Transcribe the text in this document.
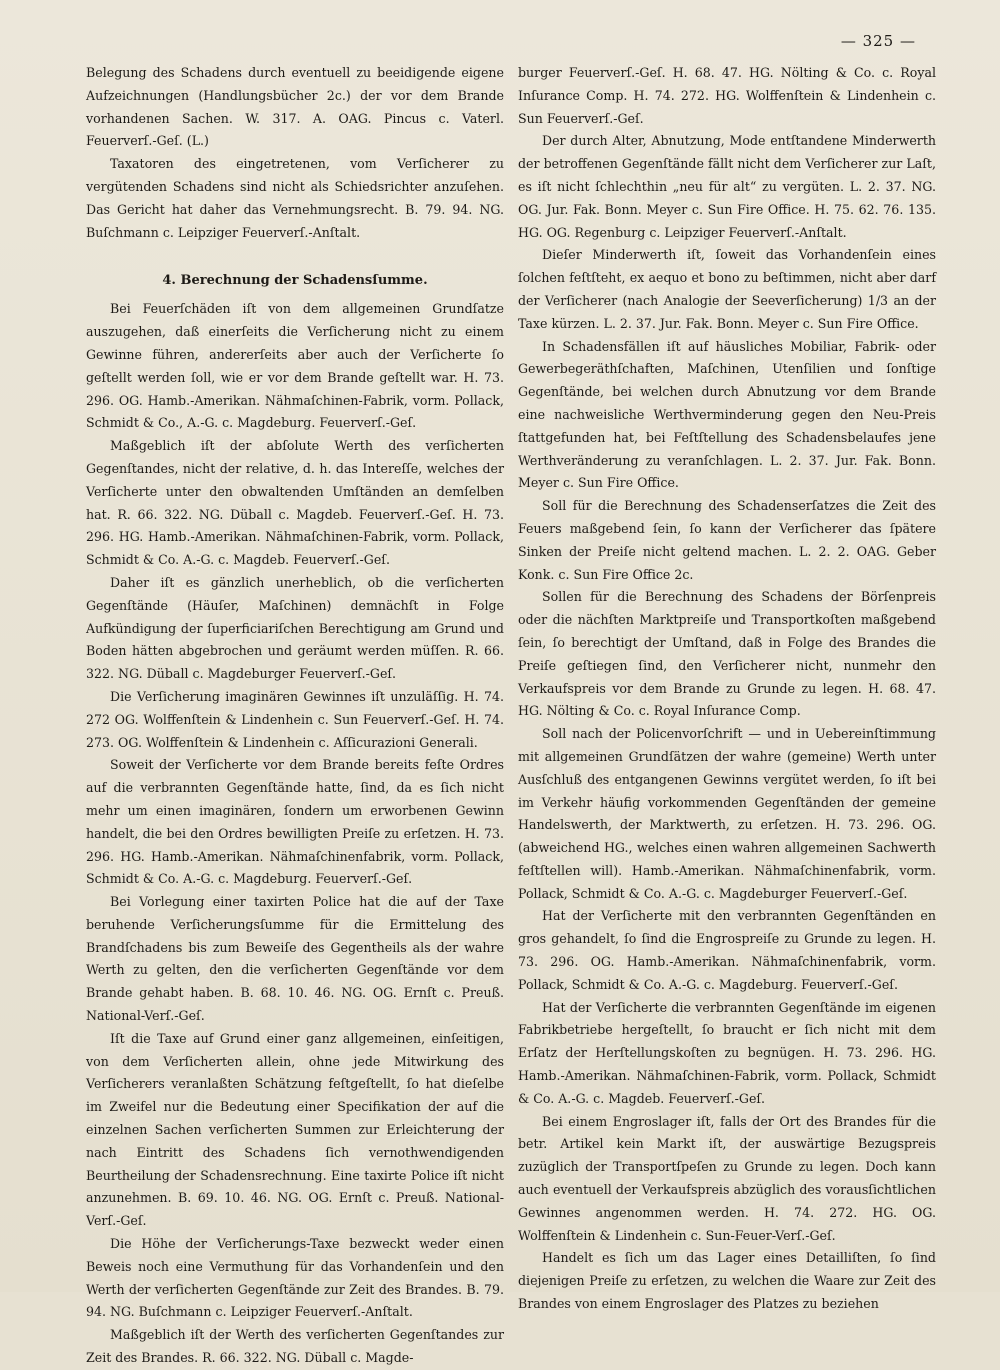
— 325 —

Belegung des Schadens durch eventuell zu beeidigende eigene Aufzeichnungen (Handlungsbücher 2c.) der vor dem Brande vorhandenen Sachen. W. 317. A. OAG. Pincus c. Vaterl. Feuerverſ.-Geſ. (L.)

Taxatoren des eingetretenen, vom Verſicherer zu vergütenden Schadens sind nicht als Schiedsrichter anzuſehen. Das Gericht hat daher das Vernehmungsrecht. B. 79. 94. NG. Buſchmann c. Leipziger Feuerverſ.-Anſtalt.

4. Berechnung der Schadensſumme.

Bei Feuerſchäden iſt von dem allgemeinen Grundſatze auszugehen, daß einerſeits die Verſicherung nicht zu einem Gewinne führen, andererſeits aber auch der Verſicherte ſo geſtellt werden ſoll, wie er vor dem Brande geſtellt war. H. 73. 296. OG. Hamb.-Amerikan. Nähmaſchinen-Fabrik, vorm. Pollack, Schmidt & Co., A.-G. c. Magdeburg. Feuerverſ.-Geſ.

Maßgeblich iſt der abſolute Werth des verſicherten Gegenſtandes, nicht der relative, d. h. das Intereſſe, welches der Verſicherte unter den obwaltenden Umſtänden an demſelben hat. R. 66. 322. NG. Düball c. Magdeb. Feuerverſ.-Geſ. H. 73. 296. HG. Hamb.-Amerikan. Nähmaſchinen-Fabrik, vorm. Pollack, Schmidt & Co. A.-G. c. Magdeb. Feuerverſ.-Geſ.

Daher iſt es gänzlich unerheblich, ob die verſicherten Gegenſtände (Häuſer, Maſchinen) demnächſt in Folge Aufkündigung der ſuperficiariſchen Berechtigung am Grund und Boden hätten abgebrochen und geräumt werden müſſen. R. 66. 322. NG. Düball c. Magdeburger Feuerverſ.-Geſ.

Die Verſicherung imaginären Gewinnes iſt unzuläſſig. H. 74. 272 OG. Wolffenſtein & Lindenhein c. Sun Feuerverſ.-Geſ. H. 74. 273. OG. Wolffenſtein & Lindenhein c. Aſſicurazioni Generali.

Soweit der Verſicherte vor dem Brande bereits feſte Ordres auf die verbrannten Gegenſtände hatte, ſind, da es ſich nicht mehr um einen imaginären, ſondern um erworbenen Gewinn handelt, die bei den Ordres bewilligten Preiſe zu erſetzen. H. 73. 296. HG. Hamb.-Amerikan. Nähmaſchinenfabrik, vorm. Pollack, Schmidt & Co. A.-G. c. Magdeburg. Feuerverſ.-Geſ.

Bei Vorlegung einer taxirten Police hat die auf der Taxe beruhende Verſicherungsſumme für die Ermittelung des Brandſchadens bis zum Beweiſe des Gegentheils als der wahre Werth zu gelten, den die verſicherten Gegenſtände vor dem Brande gehabt haben. B. 68. 10. 46. NG. OG. Ernſt c. Preuß. National-Verſ.-Geſ.

Iſt die Taxe auf Grund einer ganz allgemeinen, einſeitigen, von dem Verſicherten allein, ohne jede Mitwirkung des Verſicherers veranlaßten Schätzung feſtgeſtellt, ſo hat dieſelbe im Zweifel nur die Bedeutung einer Specifikation der auf die einzelnen Sachen verſicherten Summen zur Erleichterung der nach Eintritt des Schadens ſich vernothwendigenden Beurtheilung der Schadensrechnung. Eine taxirte Police iſt nicht anzunehmen. B. 69. 10. 46. NG. OG. Ernſt c. Preuß. National-Verſ.-Geſ.

Die Höhe der Verſicherungs-Taxe bezweckt weder einen Beweis noch eine Vermuthung für das Vorhandenſein und den Werth der verſicherten Gegenſtände zur Zeit des Brandes. B. 79. 94. NG. Buſchmann c. Leipziger Feuerverſ.-Anſtalt.

Maßgeblich iſt der Werth des verſicherten Gegenſtandes zur Zeit des Brandes. R. 66. 322. NG. Düball c. Magde-

burger Feuerverſ.-Geſ. H. 68. 47. HG. Nölting & Co. c. Royal Inſurance Comp. H. 74. 272. HG. Wolffenſtein & Lindenhein c. Sun Feuerverſ.-Geſ.

Der durch Alter, Abnutzung, Mode entſtandene Minderwerth der betroffenen Gegenſtände fällt nicht dem Verſicherer zur Laſt, es iſt nicht ſchlechthin „neu für alt“ zu vergüten. L. 2. 37. NG. OG. Jur. Fak. Bonn. Meyer c. Sun Fire Office. H. 75. 62. 76. 135. HG. OG. Regenburg c. Leipziger Feuerverſ.-Anſtalt.

Dieſer Minderwerth iſt, ſoweit das Vorhandenſein eines ſolchen feſtſteht, ex aequo et bono zu beſtimmen, nicht aber darf der Verſicherer (nach Analogie der Seeverſicherung) 1/3 an der Taxe kürzen. L. 2. 37. Jur. Fak. Bonn. Meyer c. Sun Fire Office.

In Schadensfällen iſt auf häusliches Mobiliar, Fabrik- oder Gewerbegeräthſchaften, Maſchinen, Utenſilien und ſonſtige Gegenſtände, bei welchen durch Abnutzung vor dem Brande eine nachweisliche Werthverminderung gegen den Neu-Preis ſtattgefunden hat, bei Feſtſtellung des Schadensbelaufes jene Werthveränderung zu veranſchlagen. L. 2. 37. Jur. Fak. Bonn. Meyer c. Sun Fire Office.

Soll für die Berechnung des Schadenserſatzes die Zeit des Feuers maßgebend ſein, ſo kann der Verſicherer das ſpätere Sinken der Preiſe nicht geltend machen. L. 2. 2. OAG. Geber Konk. c. Sun Fire Office 2c.

Sollen für die Berechnung des Schadens der Börſenpreis oder die nächſten Marktpreiſe und Transportkoſten maßgebend ſein, ſo berechtigt der Umſtand, daß in Folge des Brandes die Preiſe geſtiegen ſind, den Verſicherer nicht, nunmehr den Verkaufspreis vor dem Brande zu Grunde zu legen. H. 68. 47. HG. Nölting & Co. c. Royal Inſurance Comp.

Soll nach der Policenvorſchrift — und in Uebereinſtimmung mit allgemeinen Grundſätzen der wahre (gemeine) Werth unter Ausſchluß des entgangenen Gewinns vergütet werden, ſo iſt bei im Verkehr häufig vorkommenden Gegenſtänden der gemeine Handelswerth, der Marktwerth, zu erſetzen. H. 73. 296. OG. (abweichend HG., welches einen wahren allgemeinen Sachwerth feſtſtellen will). Hamb.-Amerikan. Nähmaſchinenfabrik, vorm. Pollack, Schmidt & Co. A.-G. c. Magdeburger Feuerverſ.-Geſ.

Hat der Verſicherte mit den verbrannten Gegenſtänden en gros gehandelt, ſo ſind die Engrospreiſe zu Grunde zu legen. H. 73. 296. OG. Hamb.-Amerikan. Nähmaſchinenfabrik, vorm. Pollack, Schmidt & Co. A.-G. c. Magdeburg. Feuerverſ.-Geſ.

Hat der Verſicherte die verbrannten Gegenſtände im eigenen Fabrikbetriebe hergeſtellt, ſo braucht er ſich nicht mit dem Erſatz der Herſtellungskoſten zu begnügen. H. 73. 296. HG. Hamb.-Amerikan. Nähmaſchinen-Fabrik, vorm. Pollack, Schmidt & Co. A.-G. c. Magdeb. Feuerverſ.-Geſ.

Bei einem Engroslager iſt, falls der Ort des Brandes für die betr. Artikel kein Markt iſt, der auswärtige Bezugspreis zuzüglich der Transportſpeſen zu Grunde zu legen. Doch kann auch eventuell der Verkaufspreis abzüglich des vorausſichtlichen Gewinnes angenommen werden. H. 74. 272. HG. OG. Wolffenſtein & Lindenhein c. Sun-Feuer-Verſ.-Geſ.

Handelt es ſich um das Lager eines Detailliſten, ſo ſind diejenigen Preiſe zu erſetzen, zu welchen die Waare zur Zeit des Brandes von einem Engroslager des Platzes zu beziehen
